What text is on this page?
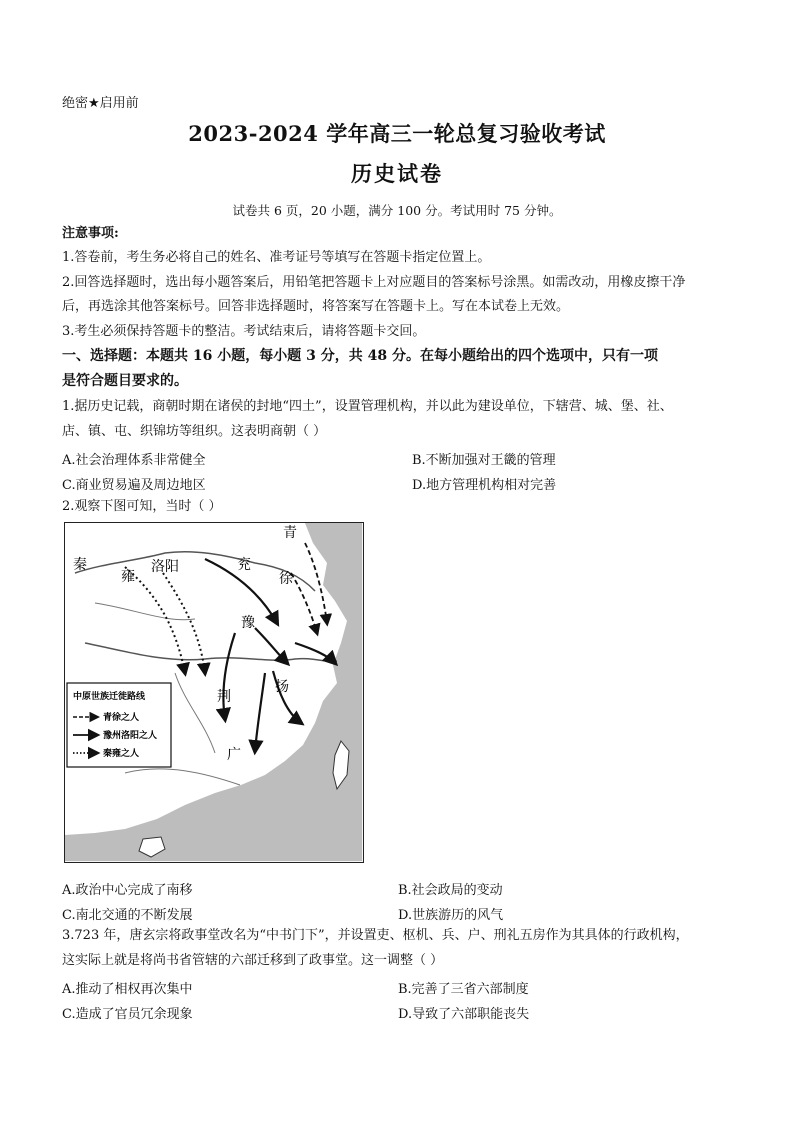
绝密★启用前
2023-2024 学年高三一轮总复习验收考试
历史试卷
试卷共 6 页，20 小题，满分 100 分。考试用时 75 分钟。
注意事项:
1.答卷前，考生务必将自己的姓名、准考证号等填写在答题卡指定位置上。
2.回答选择题时，选出每小题答案后，用铅笔把答题卡上对应题目的答案标号涂黑。如需改动，用橡皮擦干净
后，再选涂其他答案标号。回答非选择题时，将答案写在答题卡上。写在本试卷上无效。
3.考生必须保持答题卡的整洁。考试结束后，请将答题卡交回。
一、选择题：本题共 16 小题，每小题 3 分，共 48 分。在每小题给出的四个选项中，只有一项
是符合题目要求的。
1.据历史记载，商朝时期在诸侯的封地“四土”，设置管理机构，并以此为建设单位，下辖营、城、堡、社、
店、镇、屯、织锦坊等组织。这表明商朝（ ）
A.社会治理体系非常健全	B.不断加强对王畿的管理
C.商业贸易遍及周边地区	D.地方管理机构相对完善
2.观察下图可知，当时（ ）
秦
雍
洛阳	兖
青
徐
豫
荆
扬
广
中原世族迁徙路线
青徐之人
豫州洛阳之人
秦雍之人
A.政治中心完成了南移	B.社会政局的变动
C.南北交通的不断发展	D.世族游历的风气
3.723 年，唐玄宗将政事堂改名为“中书门下”，并设置吏、枢机、兵、户、刑礼五房作为其具体的行政机构，
这实际上就是将尚书省管辖的六部迁移到了政事堂。这一调整（ ）
A.推动了相权再次集中	B.完善了三省六部制度
C.造成了官员冗余现象	D.导致了六部职能丧失
